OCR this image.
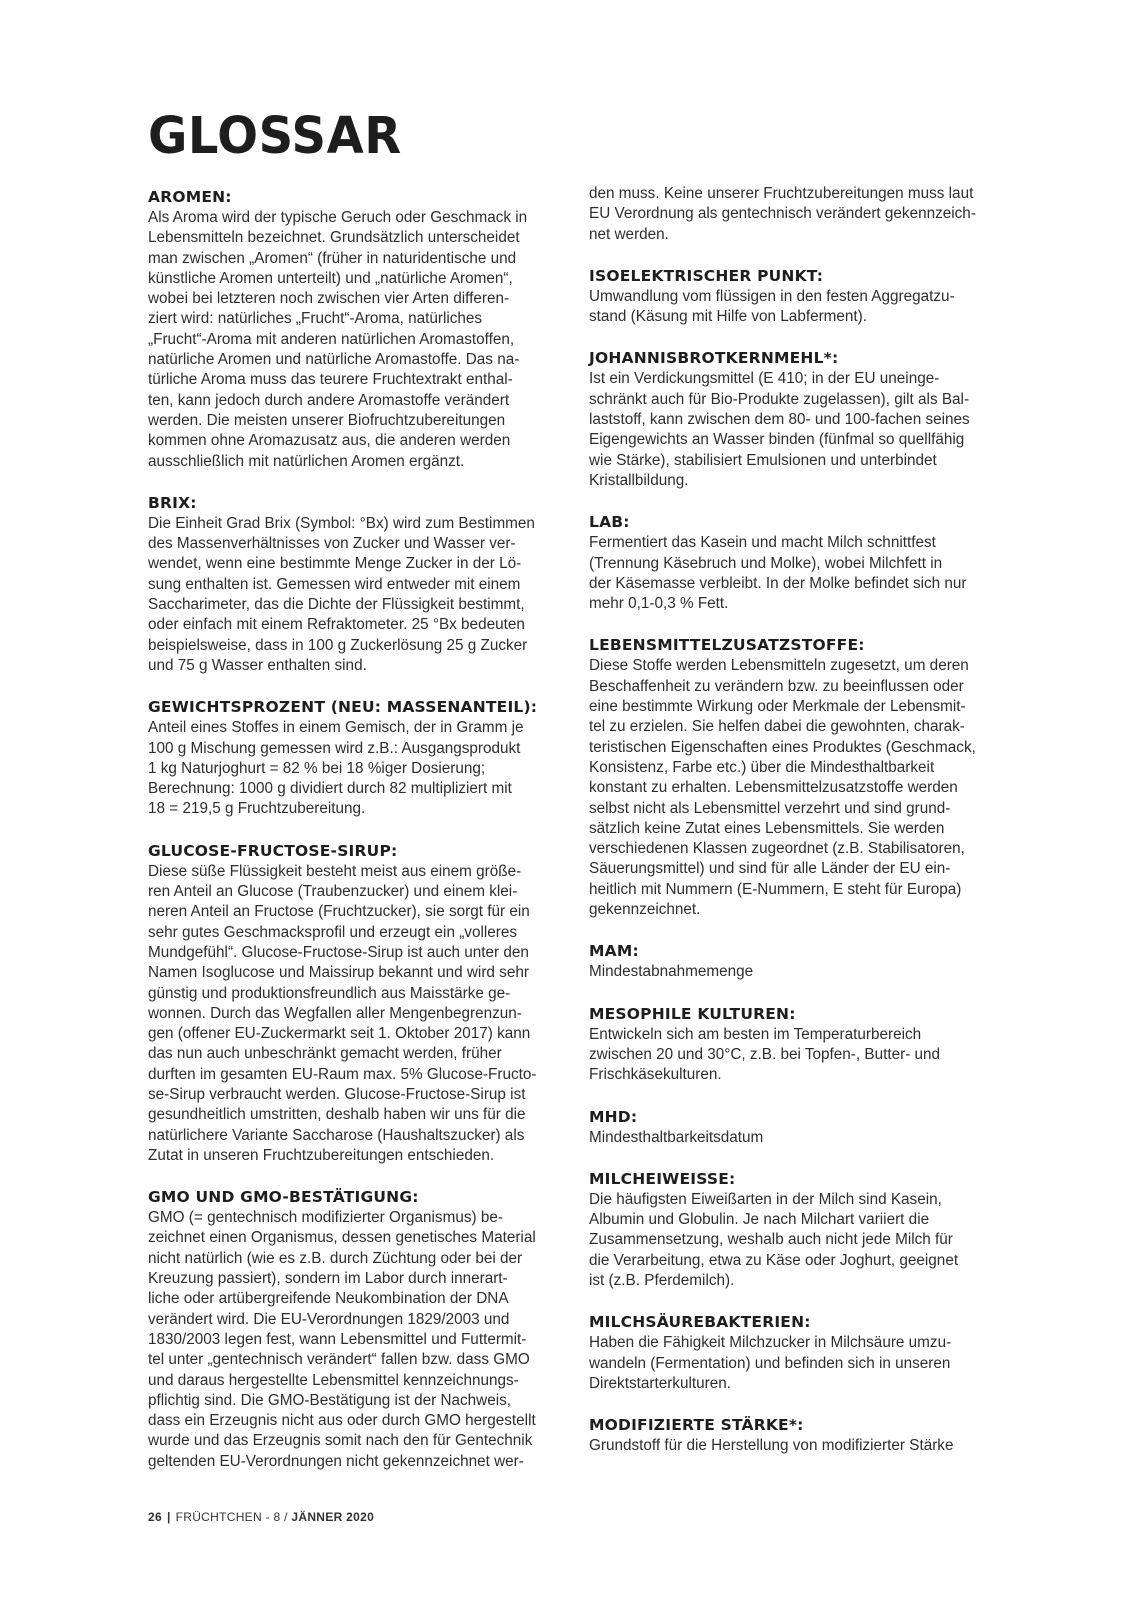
GLOSSAR
AROMEN:

Als Aroma wird der typische Geruch oder Geschmack in
Lebensmitteln bezeichnet. Grundsätzlich unterscheidet
man zwischen „Aromen“ (früher in naturidentische und
künstliche Aromen unterteilt) und „natürliche Aromen“,
wobei bei letzteren noch zwischen vier Arten differen-
ziert wird: natürliches „Frucht“-Aroma, natürliches
„Frucht“-Aroma mit anderen natürlichen Aromastoffen,
natürliche Aromen und natürliche Aromastoffe. Das na-
türliche Aroma muss das teurere Fruchtextrakt enthal-
ten, kann jedoch durch andere Aromastoffe verändert
werden. Die meisten unserer Biofruchtzubereitungen
kommen ohne Aromazusatz aus, die anderen werden
ausschließlich mit natürlichen Aromen ergänzt.

BRIX:

Die Einheit Grad Brix (Symbol: °Bx) wird zum Bestimmen
des Massenverhältnisses von Zucker und Wasser ver-
wendet, wenn eine bestimmte Menge Zucker in der Lö-
sung enthalten ist. Gemessen wird entweder mit einem
Saccharimeter, das die Dichte der Flüssigkeit bestimmt,
oder einfach mit einem Refraktometer. 25 °Bx bedeuten
beispielsweise, dass in 100 g Zuckerlösung 25 g Zucker
und 75 g Wasser enthalten sind.

GEWICHTSPROZENT (NEU: MASSENANTEIL):

Anteil eines Stoffes in einem Gemisch, der in Gramm je
100 g Mischung gemessen wird z.B.: Ausgangsprodukt
1 kg Naturjoghurt = 82 % bei 18 %iger Dosierung;
Berechnung: 1000 g dividiert durch 82 multipliziert mit
18 = 219,5 g Fruchtzubereitung.

GLUCOSE-FRUCTOSE-SIRUP:

Diese süße Flüssigkeit besteht meist aus einem größe-
ren Anteil an Glucose (Traubenzucker) und einem klei-
neren Anteil an Fructose (Fruchtzucker), sie sorgt für ein
sehr gutes Geschmacksprofil und erzeugt ein „volleres
Mundgefühl“. Glucose-Fructose-Sirup ist auch unter den
Namen Isoglucose und Maissirup bekannt und wird sehr
günstig und produktionsfreundlich aus Maisstärke ge-
wonnen. Durch das Wegfallen aller Mengenbegrenzun-
gen (offener EU-Zuckermarkt seit 1. Oktober 2017) kann
das nun auch unbeschränkt gemacht werden, früher
durften im gesamten EU-Raum max. 5% Glucose-Fructo-
se-Sirup verbraucht werden. Glucose-Fructose-Sirup ist
gesundheitlich umstritten, deshalb haben wir uns für die
natürlichere Variante Saccharose (Haushaltszucker) als
Zutat in unseren Fruchtzubereitungen entschieden.

GMO UND GMO-BESTÄTIGUNG:

GMO (= gentechnisch modifizierter Organismus) be-
zeichnet einen Organismus, dessen genetisches Material
nicht natürlich (wie es z.B. durch Züchtung oder bei der
Kreuzung passiert), sondern im Labor durch innerart-
liche oder artübergreifende Neukombination der DNA
verändert wird. Die EU-Verordnungen 1829/2003 und
1830/2003 legen fest, wann Lebensmittel und Futtermit-
tel unter „gentechnisch verändert“ fallen bzw. dass GMO
und daraus hergestellte Lebensmittel kennzeichnungs-
pflichtig sind. Die GMO-Bestätigung ist der Nachweis,
dass ein Erzeugnis nicht aus oder durch GMO hergestellt
wurde und das Erzeugnis somit nach den für Gentechnik
geltenden EU-Verordnungen nicht gekennzeichnet wer-

den muss. Keine unserer Fruchtzubereitungen muss laut
EU Verordnung als gentechnisch verändert gekennzeich-
net werden.

ISOELEKTRISCHER PUNKT:

Umwandlung vom flüssigen in den festen Aggregatzu-
stand (Käsung mit Hilfe von Labferment).

JOHANNISBROTKERNMEHL*:

Ist ein Verdickungsmittel (E 410; in der EU uneinge-
schränkt auch für Bio-Produkte zugelassen), gilt als Bal-
laststoff, kann zwischen dem 80- und 100-fachen seines
Eigengewichts an Wasser binden (fünfmal so quellfähig
wie Stärke), stabilisiert Emulsionen und unterbindet
Kristallbildung.

LAB:

Fermentiert das Kasein und macht Milch schnittfest
(Trennung Käsebruch und Molke), wobei Milchfett in
der Käsemasse verbleibt. In der Molke befindet sich nur
mehr 0,1-0,3 % Fett.

LEBENSMITTELZUSATZSTOFFE:

Diese Stoffe werden Lebensmitteln zugesetzt, um deren
Beschaffenheit zu verändern bzw. zu beeinflussen oder
eine bestimmte Wirkung oder Merkmale der Lebensmit-
tel zu erzielen. Sie helfen dabei die gewohnten, charak-
teristischen Eigenschaften eines Produktes (Geschmack,
Konsistenz, Farbe etc.) über die Mindesthaltbarkeit
konstant zu erhalten. Lebensmittelzusatzstoffe werden
selbst nicht als Lebensmittel verzehrt und sind grund-
sätzlich keine Zutat eines Lebensmittels. Sie werden
verschiedenen Klassen zugeordnet (z.B. Stabilisatoren,
Säuerungsmittel) und sind für alle Länder der EU ein-
heitlich mit Nummern (E-Nummern, E steht für Europa)
gekennzeichnet.

MAM:

Mindestabnahmemenge

MESOPHILE KULTUREN:

Entwickeln sich am besten im Temperaturbereich
zwischen 20 und 30°C, z.B. bei Topfen-, Butter- und
Frischkäsekulturen.

MHD:

Mindesthaltbarkeitsdatum

MILCHEIWEISSE:

Die häufigsten Eiweißarten in der Milch sind Kasein,
Albumin und Globulin. Je nach Milchart variiert die
Zusammensetzung, weshalb auch nicht jede Milch für
die Verarbeitung, etwa zu Käse oder Joghurt, geeignet
ist (z.B. Pferdemilch).

MILCHSÄUREBAKTERIEN:

Haben die Fähigkeit Milchzucker in Milchsäure umzu-
wandeln (Fermentation) und befinden sich in unseren
Direktstarterkulturen.

MODIFIZIERTE STÄRKE*:

Grundstoff für die Herstellung von modifizierter Stärke

26 | FRÜCHTCHEN - 8 / JÄNNER 2020
